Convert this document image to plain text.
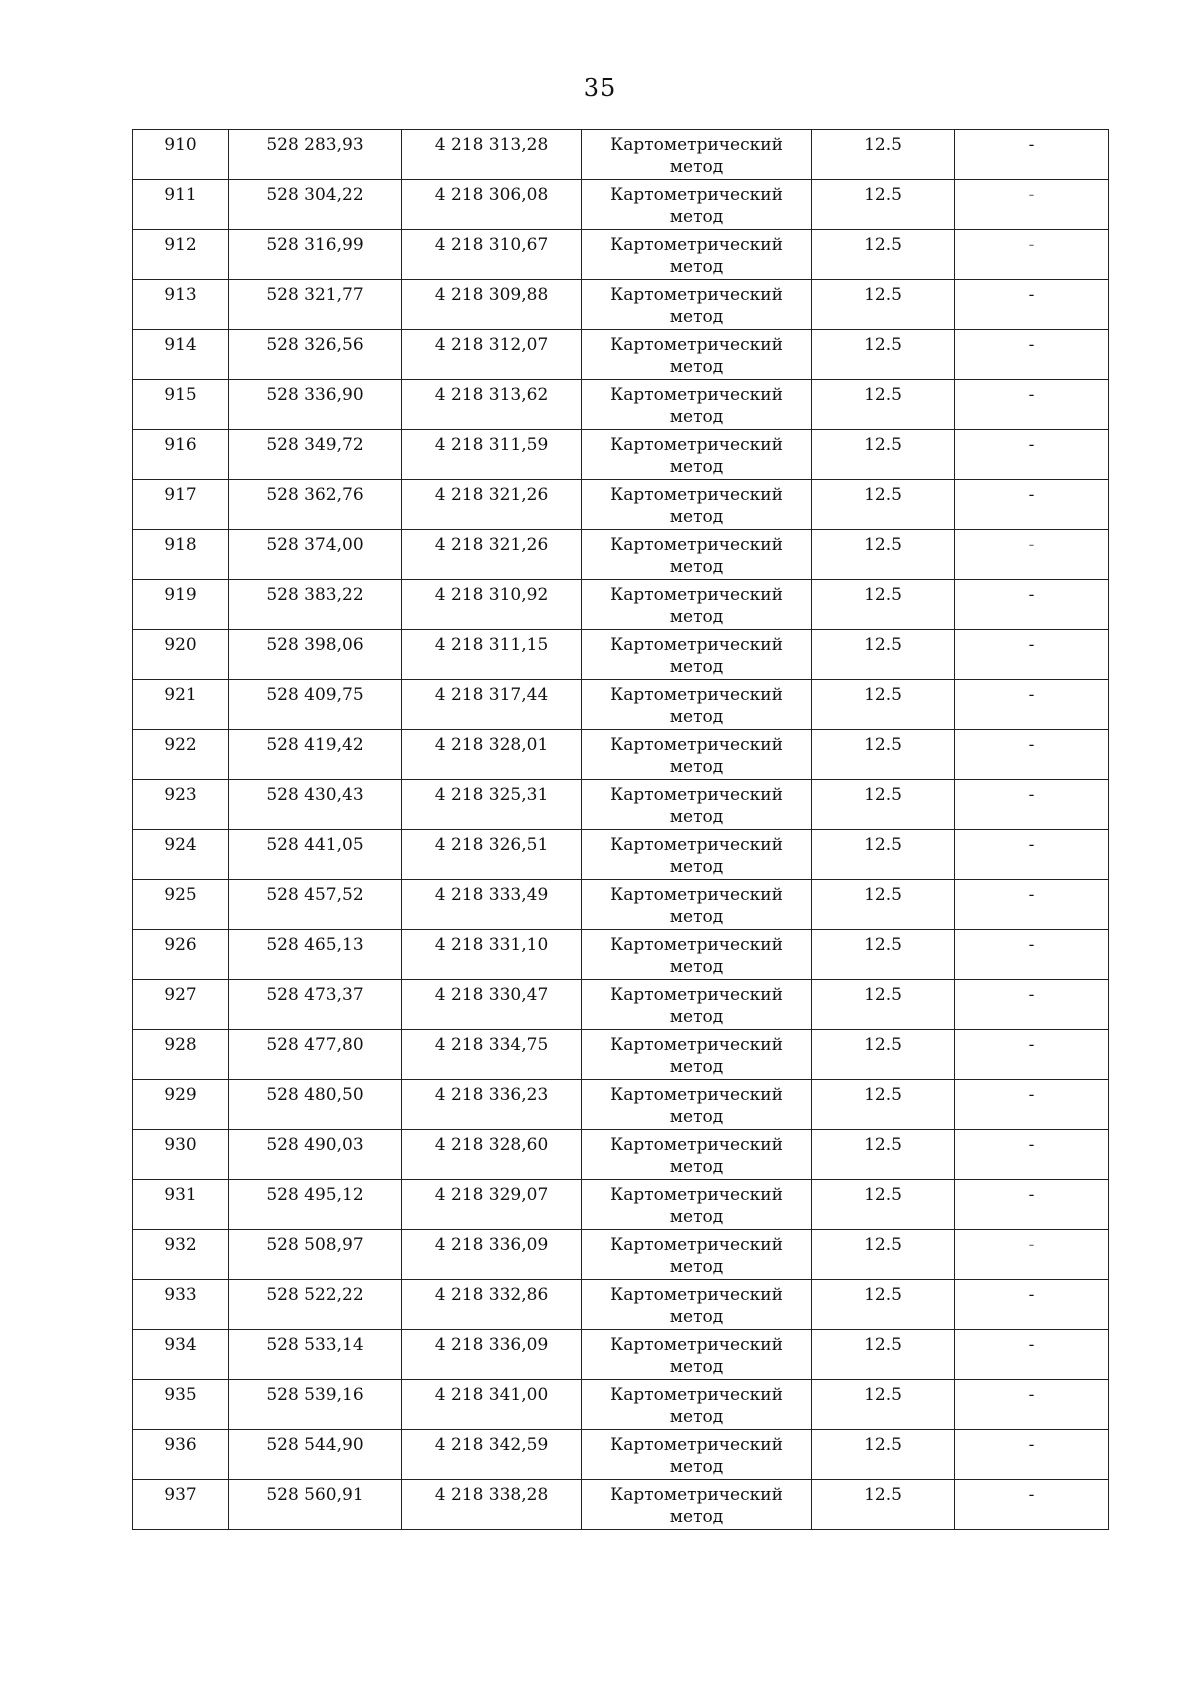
35
910	528 283,93	4 218 313,28	Картометрический метод	12.5	-
911	528 304,22	4 218 306,08	Картометрический метод	12.5	-
912	528 316,99	4 218 310,67	Картометрический метод	12.5	-
913	528 321,77	4 218 309,88	Картометрический метод	12.5	-
914	528 326,56	4 218 312,07	Картометрический метод	12.5	-
915	528 336,90	4 218 313,62	Картометрический метод	12.5	-
916	528 349,72	4 218 311,59	Картометрический метод	12.5	-
917	528 362,76	4 218 321,26	Картометрический метод	12.5	-
918	528 374,00	4 218 321,26	Картометрический метод	12.5	-
919	528 383,22	4 218 310,92	Картометрический метод	12.5	-
920	528 398,06	4 218 311,15	Картометрический метод	12.5	-
921	528 409,75	4 218 317,44	Картометрический метод	12.5	-
922	528 419,42	4 218 328,01	Картометрический метод	12.5	-
923	528 430,43	4 218 325,31	Картометрический метод	12.5	-
924	528 441,05	4 218 326,51	Картометрический метод	12.5	-
925	528 457,52	4 218 333,49	Картометрический метод	12.5	-
926	528 465,13	4 218 331,10	Картометрический метод	12.5	-
927	528 473,37	4 218 330,47	Картометрический метод	12.5	-
928	528 477,80	4 218 334,75	Картометрический метод	12.5	-
929	528 480,50	4 218 336,23	Картометрический метод	12.5	-
930	528 490,03	4 218 328,60	Картометрический метод	12.5	-
931	528 495,12	4 218 329,07	Картометрический метод	12.5	-
932	528 508,97	4 218 336,09	Картометрический метод	12.5	-
933	528 522,22	4 218 332,86	Картометрический метод	12.5	-
934	528 533,14	4 218 336,09	Картометрический метод	12.5	-
935	528 539,16	4 218 341,00	Картометрический метод	12.5	-
936	528 544,90	4 218 342,59	Картометрический метод	12.5	-
937	528 560,91	4 218 338,28	Картометрический метод	12.5	-
